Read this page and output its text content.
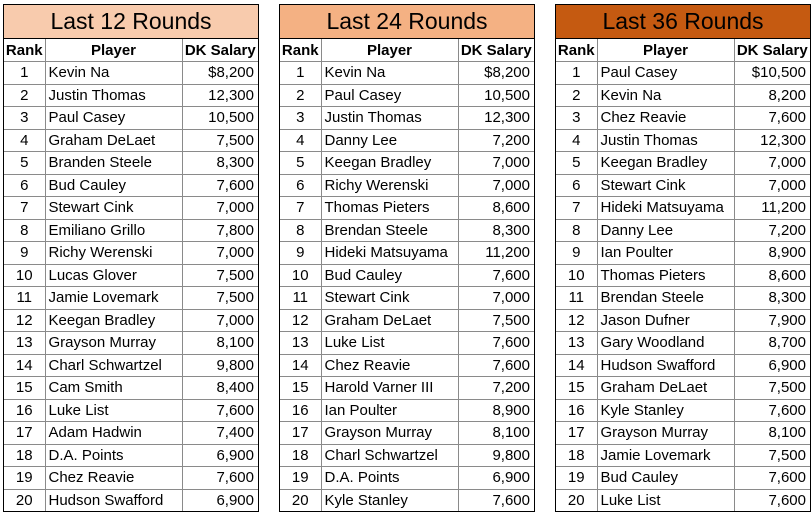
Last 12 Rounds
Rank	Player	DK Salary
1	Kevin Na	$8,200
2	Justin Thomas	12,300
3	Paul Casey	10,500
4	Graham DeLaet	7,500
5	Branden Steele	8,300
6	Bud Cauley	7,600
7	Stewart Cink	7,000
8	Emiliano Grillo	7,800
9	Richy Werenski	7,000
10	Lucas Glover	7,500
11	Jamie Lovemark	7,500
12	Keegan Bradley	7,000
13	Grayson Murray	8,100
14	Charl Schwartzel	9,800
15	Cam Smith	8,400
16	Luke List	7,600
17	Adam Hadwin	7,400
18	D.A. Points	6,900
19	Chez Reavie	7,600
20	Hudson Swafford	6,900
Last 24 Rounds
Rank	Player	DK Salary
1	Kevin Na	$8,200
2	Paul Casey	10,500
3	Justin Thomas	12,300
4	Danny Lee	7,200
5	Keegan Bradley	7,000
6	Richy Werenski	7,000
7	Thomas Pieters	8,600
8	Brendan Steele	8,300
9	Hideki Matsuyama	11,200
10	Bud Cauley	7,600
11	Stewart Cink	7,000
12	Graham DeLaet	7,500
13	Luke List	7,600
14	Chez Reavie	7,600
15	Harold Varner III	7,200
16	Ian Poulter	8,900
17	Grayson Murray	8,100
18	Charl Schwartzel	9,800
19	D.A. Points	6,900
20	Kyle Stanley	7,600
Last 36 Rounds
Rank	Player	DK Salary
1	Paul Casey	$10,500
2	Kevin Na	8,200
3	Chez Reavie	7,600
4	Justin Thomas	12,300
5	Keegan Bradley	7,000
6	Stewart Cink	7,000
7	Hideki Matsuyama	11,200
8	Danny Lee	7,200
9	Ian Poulter	8,900
10	Thomas Pieters	8,600
11	Brendan Steele	8,300
12	Jason Dufner	7,900
13	Gary Woodland	8,700
14	Hudson Swafford	6,900
15	Graham DeLaet	7,500
16	Kyle Stanley	7,600
17	Grayson Murray	8,100
18	Jamie Lovemark	7,500
19	Bud Cauley	7,600
20	Luke List	7,600
